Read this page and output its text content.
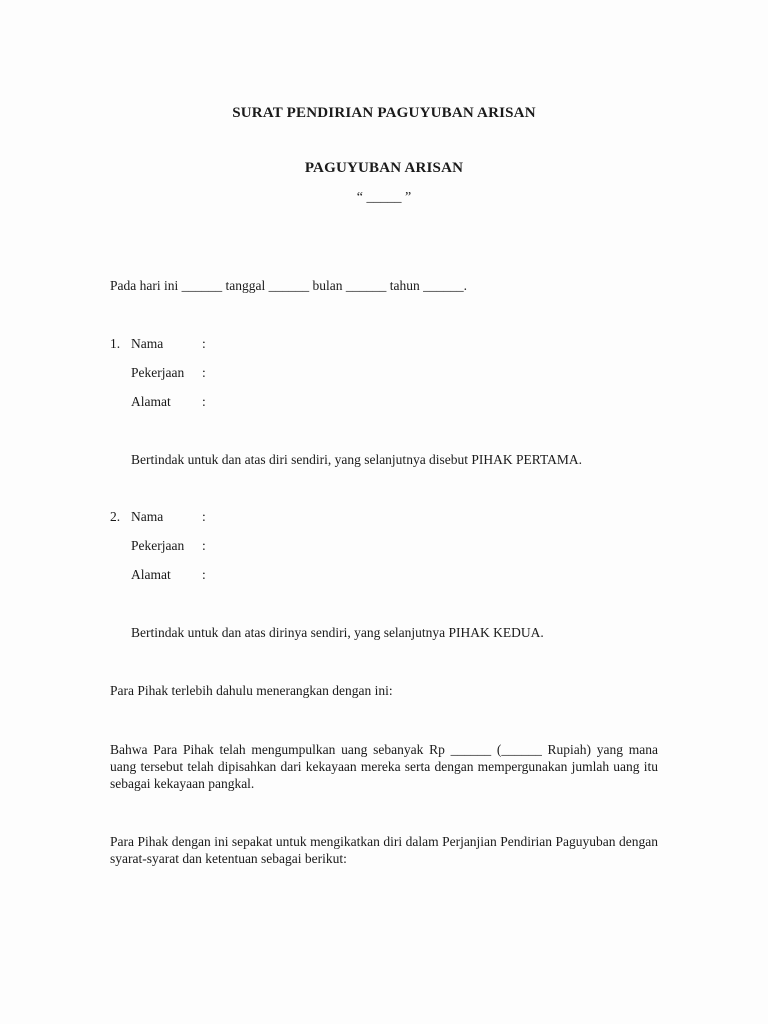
SURAT PENDIRIAN PAGUYUBAN ARISAN
PAGUYUBAN ARISAN
“ _____ ”
Pada hari ini ______ tanggal ______ bulan ______ tahun ______.
1. Nama	:
Pekerjaan :
Alamat :
Bertindak untuk dan atas diri sendiri, yang selanjutnya disebut PIHAK PERTAMA.
2. Nama	:
Pekerjaan :
Alamat :
Bertindak untuk dan atas dirinya sendiri, yang selanjutnya PIHAK KEDUA.
Para Pihak terlebih dahulu menerangkan dengan ini:
Bahwa Para Pihak telah mengumpulkan uang sebanyak Rp ______ (______ Rupiah) yang mana uang tersebut telah dipisahkan dari kekayaan mereka serta dengan mempergunakan jumlah uang itu sebagai kekayaan pangkal.
Para Pihak dengan ini sepakat untuk mengikatkan diri dalam Perjanjian Pendirian Paguyuban dengan syarat-syarat dan ketentuan sebagai berikut:
